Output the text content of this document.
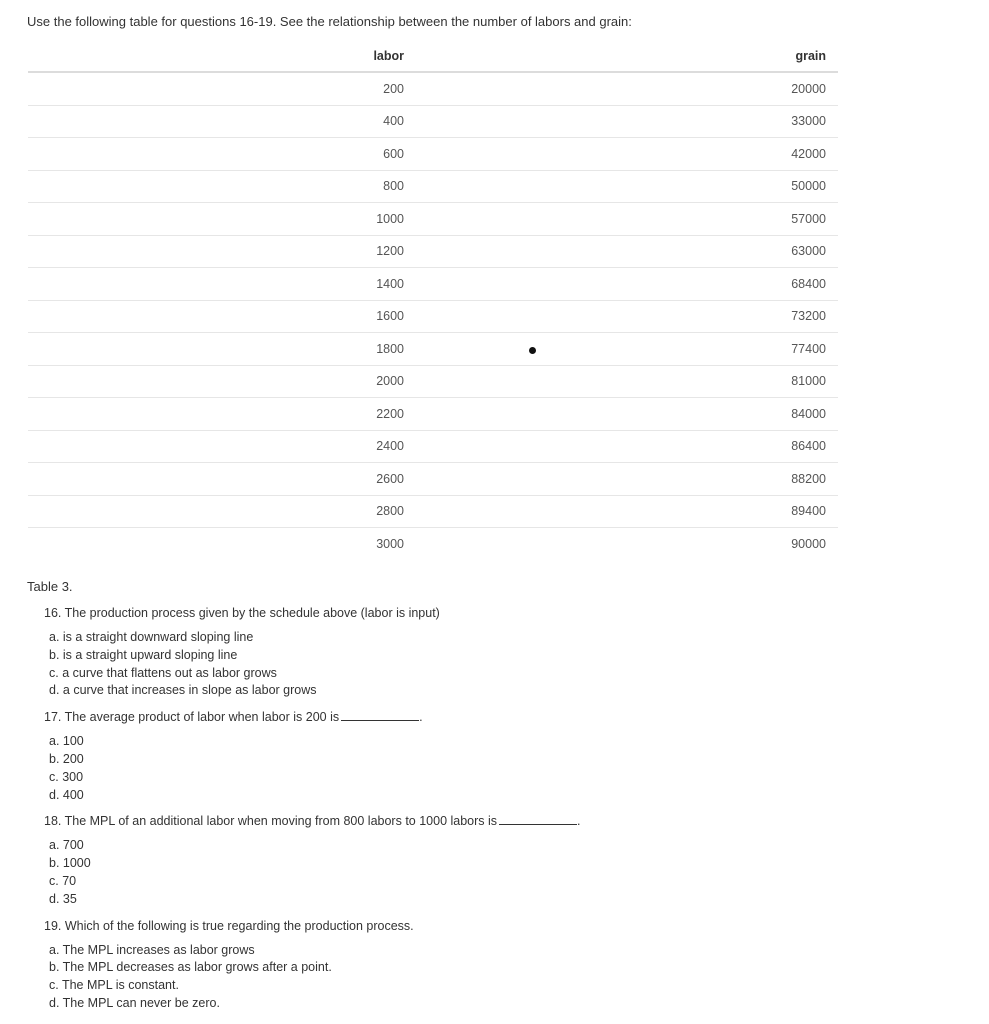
Use the following table for questions 16-19. See the relationship between the number of labors and grain:
labor	grain
200	20000
400	33000
600	42000
800	50000
1000	57000
1200	63000
1400	68400
1600	73200
1800	77400
2000	81000
2200	84000
2400	86400
2600	88200
2800	89400
3000	90000
Table 3.
16. The production process given by the schedule above (labor is input)
a. is a straight downward sloping line
b. is a straight upward sloping line
c. a curve that flattens out as labor grows
d. a curve that increases in slope as labor grows
17. The average product of labor when labor is 200 is	.
a. 100
b. 200
c. 300
d. 400
18. The MPL of an additional labor when moving from 800 labors to 1000 labors is	.
a. 700
b. 1000
c. 70
d. 35
19. Which of the following is true regarding the production process.
a. The MPL increases as labor grows
b. The MPL decreases as labor grows after a point.
c. The MPL is constant.
d. The MPL can never be zero.
